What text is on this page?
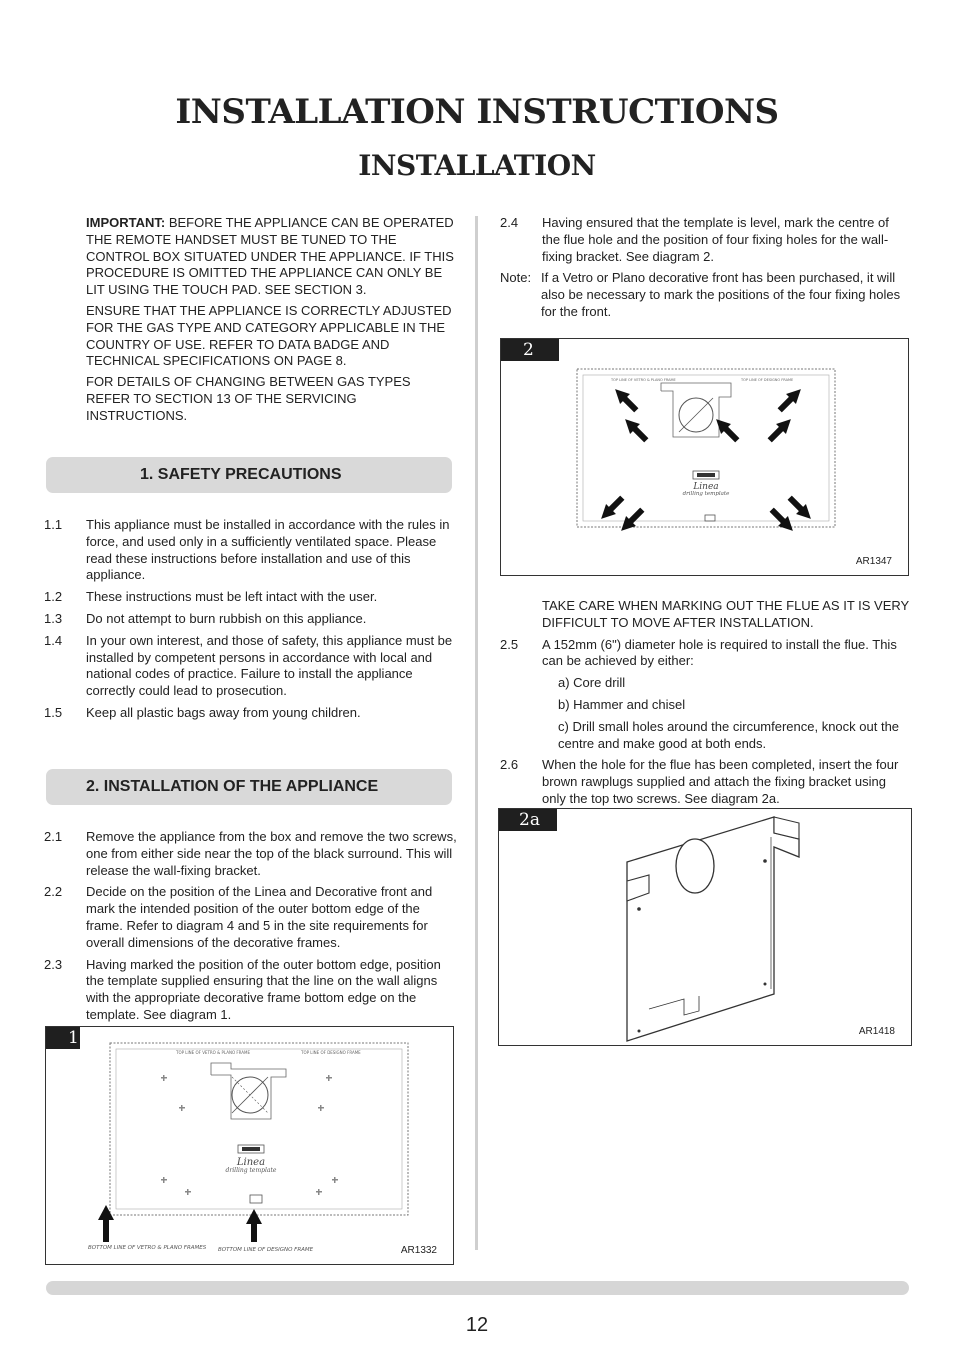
INSTALLATION INSTRUCTIONS
INSTALLATION

IMPORTANT: BEFORE THE APPLIANCE CAN BE OPERATED THE REMOTE HANDSET MUST BE TUNED TO THE CONTROL BOX SITUATED UNDER THE APPLIANCE. IF THIS PROCEDURE IS OMITTED THE APPLIANCE CAN ONLY BE LIT USING THE TOUCH PAD. SEE SECTION 3.

ENSURE THAT THE APPLIANCE IS CORRECTLY ADJUSTED FOR THE GAS TYPE AND CATEGORY APPLICABLE IN THE COUNTRY OF USE. REFER TO DATA BADGE AND TECHNICAL SPECIFICATIONS ON PAGE 8.

FOR DETAILS OF CHANGING BETWEEN GAS TYPES REFER TO SECTION 13 OF THE SERVICING INSTRUCTIONS.

1. SAFETY PRECAUTIONS
1.1 This appliance must be installed in accordance with the rules in force, and used only in a sufficiently ventilated space. Please read these instructions before installation and use of this appliance.
1.2 These instructions must be left intact with the user.
1.3 Do not attempt to burn rubbish on this appliance.
1.4 In your own interest, and those of safety, this appliance must be installed by competent persons in accordance with local and national codes of practice. Failure to install the appliance correctly could lead to prosecution.
1.5 Keep all plastic bags away from young children.
2. INSTALLATION OF THE APPLIANCE
2.1 Remove the appliance from the box and remove the two screws, one from either side near the top of the black surround. This will release the wall-fixing bracket.
2.2 Decide on the position of the Linea and Decorative front and mark the intended position of the outer bottom edge of the frame. Refer to diagram 4 and 5 in the site requirements for overall dimensions of the decorative frames.
2.3 Having marked the position of the outer bottom edge, position the template supplied ensuring that the line on the wall aligns with the appropriate decorative frame bottom edge on the template. See diagram 1.
TOP LINE OF VETRO & PLANO FRAME	TOP LINE OF DESIGNO FRAME
Linea
drilling template
BOTTOM LINE OF VETRO & PLANO FRAMES BOTTOM LINE OF DESIGNO FRAME
1
AR1332
2.4 Having ensured that the template is level, mark the centre of the flue hole and the position of four fixing holes for the wall-fixing bracket. See diagram 2.
Note: If a Vetro or Plano decorative front has been purchased, it will also be necessary to mark the positions of the four fixing holes for the front.
TOP LINE OF VETRO & PLANO FRAME	TOP LINE OF DESIGNO FRAME
Linea
drilling template
2
AR1347
TAKE CARE WHEN MARKING OUT THE FLUE AS IT IS VERY DIFFICULT TO MOVE AFTER INSTALLATION.
2.5 A 152mm (6") diameter hole is required to install the flue. This can be achieved by either:
a) Core drill
b) Hammer and chisel
c) Drill small holes around the circumference, knock out the centre and make good at both ends.
2.6 When the hole for the flue has been completed, insert the four brown rawplugs supplied and attach the fixing bracket using only the top two screws. See diagram 2a.
2a
AR1418
12
